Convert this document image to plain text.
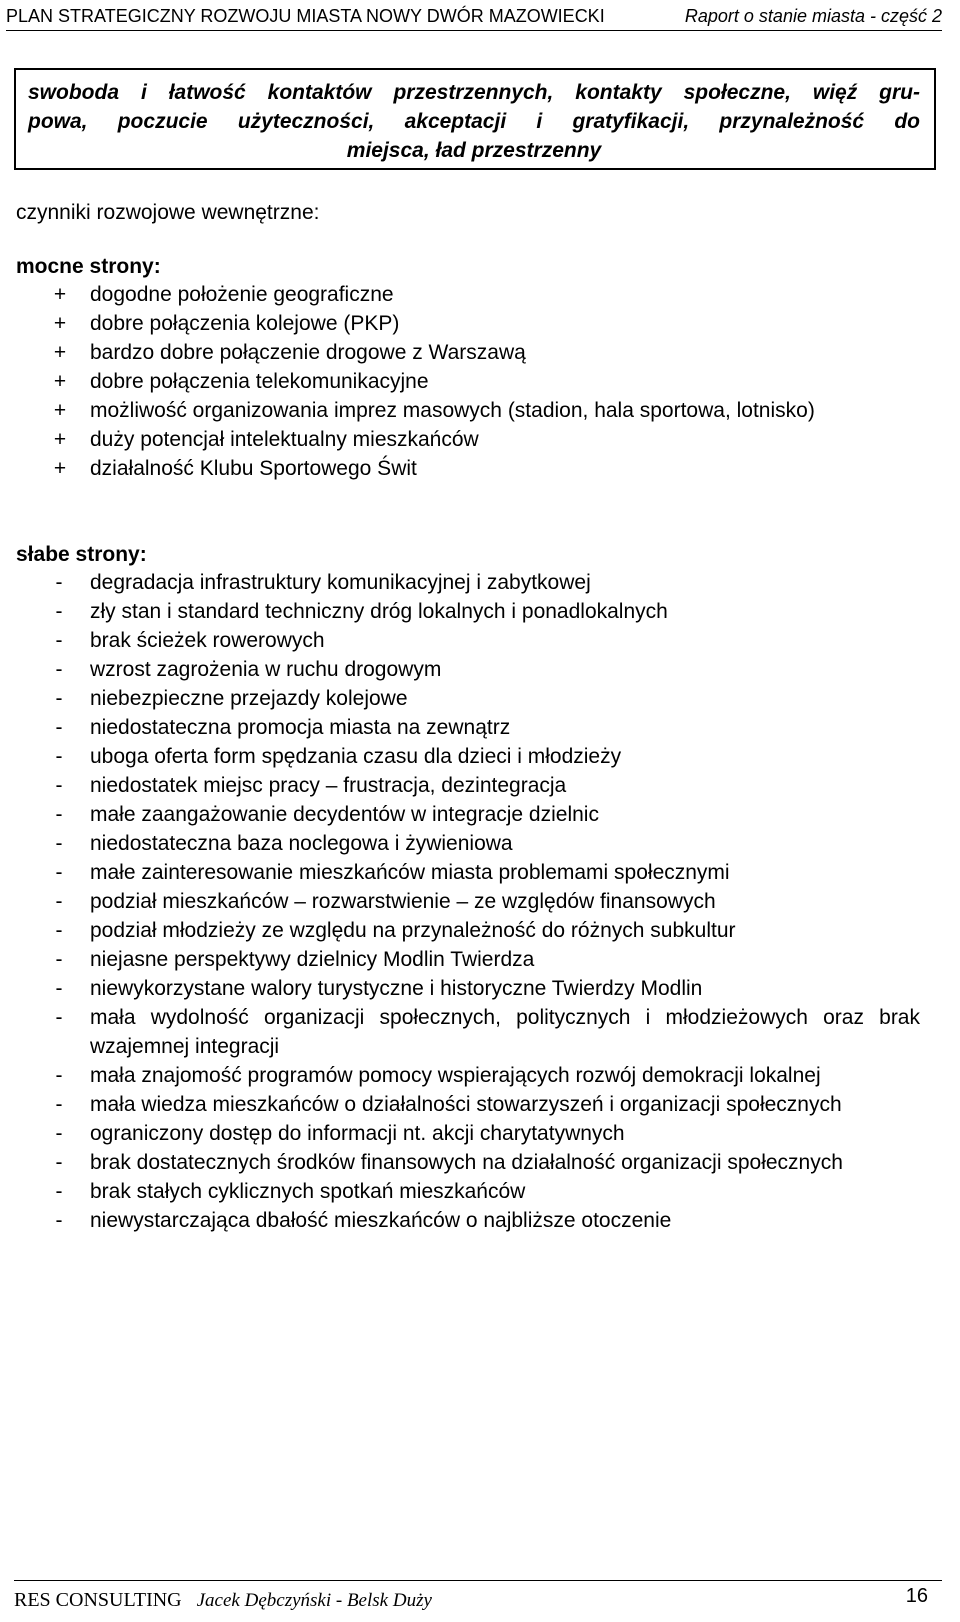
PLAN STRATEGICZNY ROZWOJU MIASTA NOWY DWÓR MAZOWIECKI	Raport o stanie miasta - część 2
swoboda i łatwość kontaktów przestrzennych, kontakty społeczne, więź gru-
powa, poczucie użyteczności, akceptacji i gratyfikacji, przynależność do
miejsca, ład przestrzenny
czynniki rozwojowe wewnętrzne:
mocne strony:
+ dogodne położenie geograficzne
+ dobre połączenia kolejowe (PKP)
+ bardzo dobre połączenie drogowe z Warszawą
+ dobre połączenia telekomunikacyjne
+ możliwość organizowania imprez masowych (stadion, hala sportowa, lotnisko)
+ duży potencjał intelektualny mieszkańców
+ działalność Klubu Sportowego Świt
słabe strony:
- degradacja infrastruktury komunikacyjnej i zabytkowej
- zły stan i standard techniczny dróg lokalnych i ponadlokalnych
- brak ścieżek rowerowych
- wzrost zagrożenia w ruchu drogowym
- niebezpieczne przejazdy kolejowe
- niedostateczna promocja miasta na zewnątrz
- uboga oferta form spędzania czasu dla dzieci i młodzieży
- niedostatek miejsc pracy – frustracja, dezintegracja
- małe zaangażowanie decydentów w integracje dzielnic
- niedostateczna baza noclegowa i żywieniowa
- małe zainteresowanie mieszkańców miasta problemami społecznymi
- podział mieszkańców – rozwarstwienie – ze względów finansowych
- podział młodzieży ze względu na przynależność do różnych subkultur
- niejasne perspektywy dzielnicy Modlin Twierdza
- niewykorzystane walory turystyczne i historyczne Twierdzy Modlin
- mała wydolność organizacji społecznych, politycznych i młodzieżowych oraz brak wzajemnej integracji
- mała znajomość programów pomocy wspierających rozwój demokracji lokalnej
- mała wiedza mieszkańców o działalności stowarzyszeń i organizacji społecznych
- ograniczony dostęp do informacji nt. akcji charytatywnych
- brak dostatecznych środków finansowych na działalność organizacji społecznych
- brak stałych cyklicznych spotkań mieszkańców
- niewystarczająca dbałość mieszkańców o najbliższe otoczenie
RES CONSULTING Jacek Dębczyński - Belsk Duży	16
